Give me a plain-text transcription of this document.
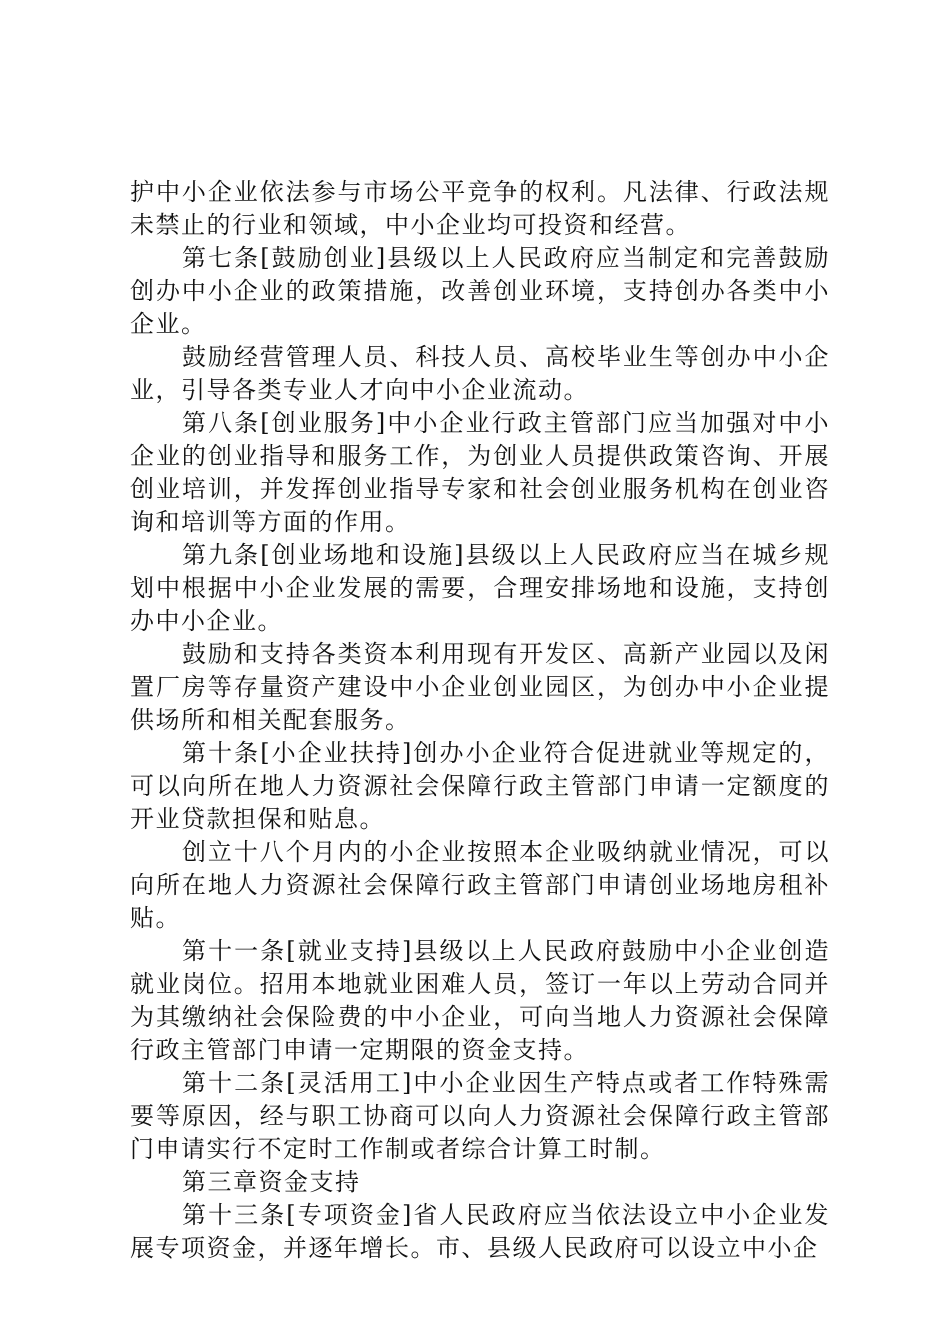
护中小企业依法参与市场公平竞争的权利。凡法律、行政法规未禁止的行业和领域，中小企业均可投资和经营。

第七条[鼓励创业]县级以上人民政府应当制定和完善鼓励创办中小企业的政策措施，改善创业环境，支持创办各类中小企业。

鼓励经营管理人员、科技人员、高校毕业生等创办中小企业，引导各类专业人才向中小企业流动。

第八条[创业服务]中小企业行政主管部门应当加强对中小企业的创业指导和服务工作，为创业人员提供政策咨询、开展创业培训，并发挥创业指导专家和社会创业服务机构在创业咨询和培训等方面的作用。

第九条[创业场地和设施]县级以上人民政府应当在城乡规划中根据中小企业发展的需要，合理安排场地和设施，支持创办中小企业。

鼓励和支持各类资本利用现有开发区、高新产业园以及闲置厂房等存量资产建设中小企业创业园区，为创办中小企业提供场所和相关配套服务。

第十条[小企业扶持]创办小企业符合促进就业等规定的，可以向所在地人力资源社会保障行政主管部门申请一定额度的开业贷款担保和贴息。

创立十八个月内的小企业按照本企业吸纳就业情况，可以向所在地人力资源社会保障行政主管部门申请创业场地房租补贴。

第十一条[就业支持]县级以上人民政府鼓励中小企业创造就业岗位。招用本地就业困难人员，签订一年以上劳动合同并为其缴纳社会保险费的中小企业，可向当地人力资源社会保障行政主管部门申请一定期限的资金支持。

第十二条[灵活用工]中小企业因生产特点或者工作特殊需要等原因，经与职工协商可以向人力资源社会保障行政主管部门申请实行不定时工作制或者综合计算工时制。

第三章资金支持

第十三条[专项资金]省人民政府应当依法设立中小企业发展专项资金，并逐年增长。市、县级人民政府可以设立中小企
